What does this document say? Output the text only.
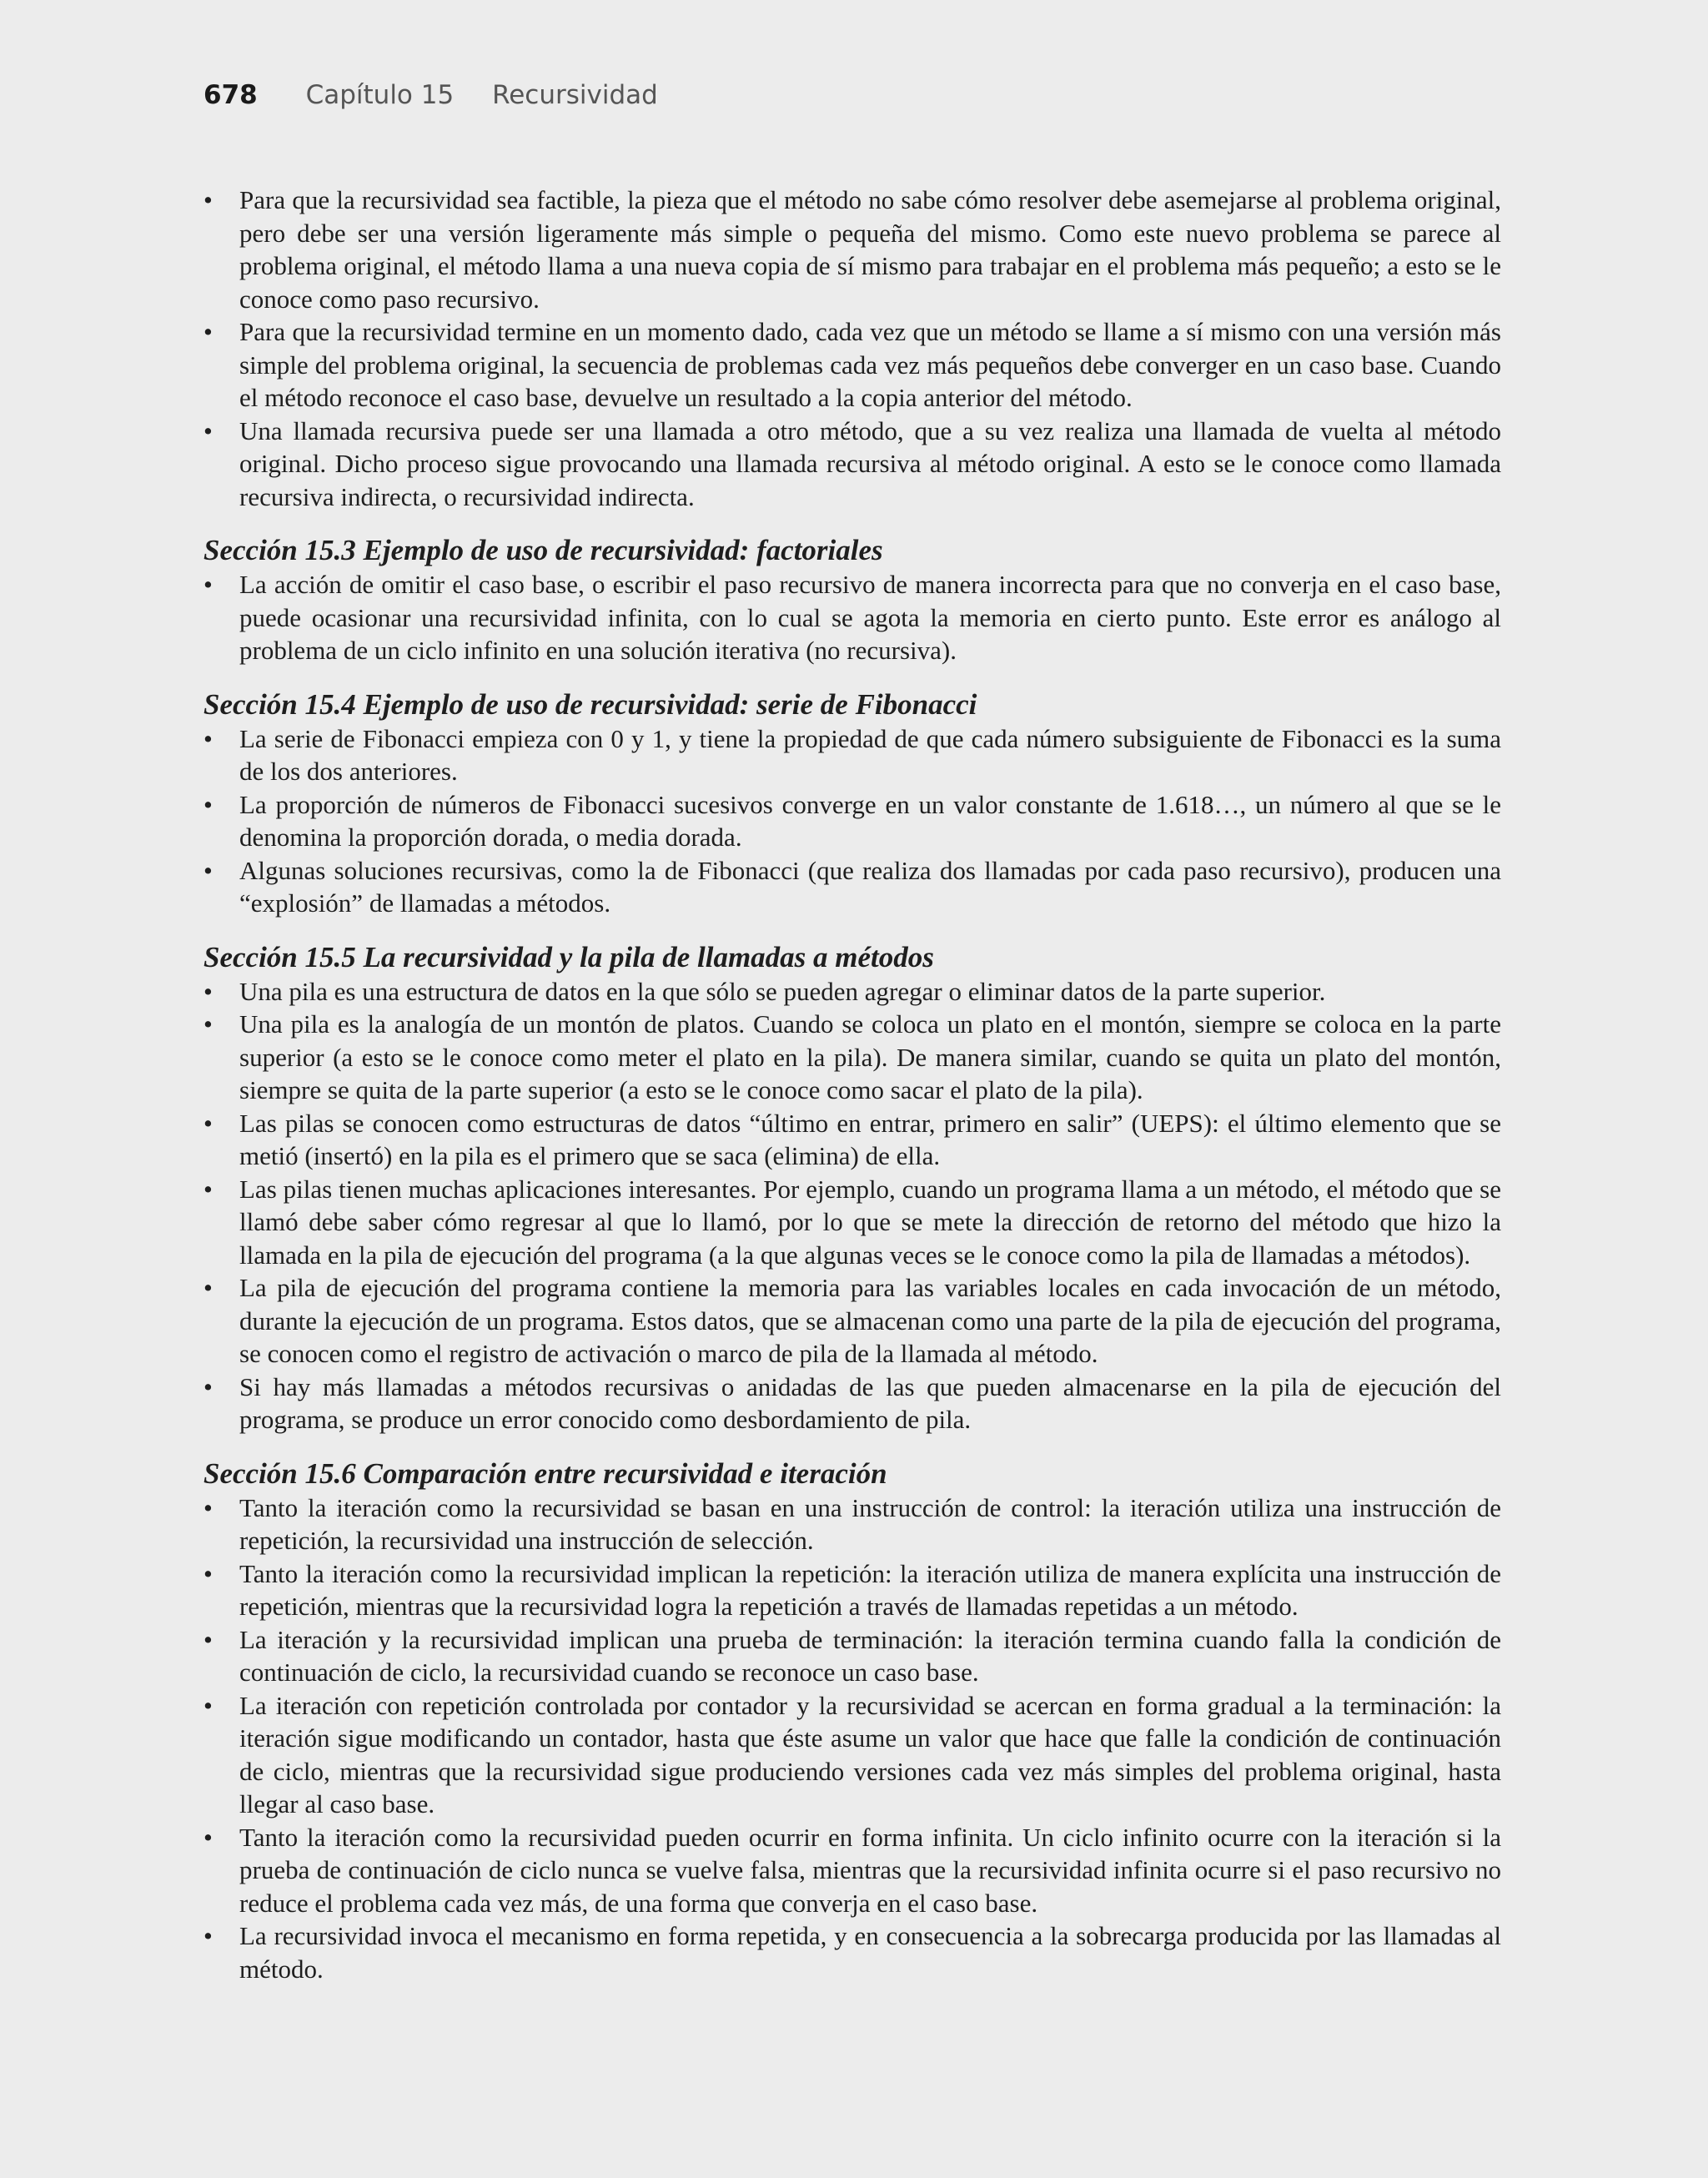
678 Capítulo 15 Recursividad
• Para que la recursividad sea factible, la pieza que el método no sabe cómo resolver debe asemejarse al problema original, pero debe ser una versión ligeramente más simple o pequeña del mismo. Como este nuevo problema se parece al problema original, el método llama a una nueva copia de sí mismo para trabajar en el problema más pequeño; a esto se le conoce como paso recursivo.
• Para que la recursividad termine en un momento dado, cada vez que un método se llame a sí mismo con una versión más simple del problema original, la secuencia de problemas cada vez más pequeños debe converger en un caso base. Cuando el método reconoce el caso base, devuelve un resultado a la copia anterior del método.
• Una llamada recursiva puede ser una llamada a otro método, que a su vez realiza una llamada de vuelta al método original. Dicho proceso sigue provocando una llamada recursiva al método original. A esto se le conoce como llamada recursiva indirecta, o recursividad indirecta.
Sección 15.3 Ejemplo de uso de recursividad: factoriales
• La acción de omitir el caso base, o escribir el paso recursivo de manera incorrecta para que no converja en el caso base, puede ocasionar una recursividad infinita, con lo cual se agota la memoria en cierto punto. Este error es análogo al problema de un ciclo infinito en una solución iterativa (no recursiva).
Sección 15.4 Ejemplo de uso de recursividad: serie de Fibonacci
• La serie de Fibonacci empieza con 0 y 1, y tiene la propiedad de que cada número subsiguiente de Fibonacci es la suma de los dos anteriores.
• La proporción de números de Fibonacci sucesivos converge en un valor constante de 1.618…, un número al que se le denomina la proporción dorada, o media dorada.
• Algunas soluciones recursivas, como la de Fibonacci (que realiza dos llamadas por cada paso recursivo), producen una “explosión” de llamadas a métodos.
Sección 15.5 La recursividad y la pila de llamadas a métodos
• Una pila es una estructura de datos en la que sólo se pueden agregar o eliminar datos de la parte superior.
• Una pila es la analogía de un montón de platos. Cuando se coloca un plato en el montón, siempre se coloca en la parte superior (a esto se le conoce como meter el plato en la pila). De manera similar, cuando se quita un plato del montón, siempre se quita de la parte superior (a esto se le conoce como sacar el plato de la pila).
• Las pilas se conocen como estructuras de datos “último en entrar, primero en salir” (UEPS): el último elemento que se metió (insertó) en la pila es el primero que se saca (elimina) de ella.
• Las pilas tienen muchas aplicaciones interesantes. Por ejemplo, cuando un programa llama a un método, el método que se llamó debe saber cómo regresar al que lo llamó, por lo que se mete la dirección de retorno del método que hizo la llamada en la pila de ejecución del programa (a la que algunas veces se le conoce como la pila de llamadas a métodos).
• La pila de ejecución del programa contiene la memoria para las variables locales en cada invocación de un método, durante la ejecución de un programa. Estos datos, que se almacenan como una parte de la pila de ejecución del programa, se conocen como el registro de activación o marco de pila de la llamada al método.
• Si hay más llamadas a métodos recursivas o anidadas de las que pueden almacenarse en la pila de ejecución del programa, se produce un error conocido como desbordamiento de pila.
Sección 15.6 Comparación entre recursividad e iteración
• Tanto la iteración como la recursividad se basan en una instrucción de control: la iteración utiliza una instrucción de repetición, la recursividad una instrucción de selección.
• Tanto la iteración como la recursividad implican la repetición: la iteración utiliza de manera explícita una instrucción de repetición, mientras que la recursividad logra la repetición a través de llamadas repetidas a un método.
• La iteración y la recursividad implican una prueba de terminación: la iteración termina cuando falla la condición de continuación de ciclo, la recursividad cuando se reconoce un caso base.
• La iteración con repetición controlada por contador y la recursividad se acercan en forma gradual a la terminación: la iteración sigue modificando un contador, hasta que éste asume un valor que hace que falle la condición de continuación de ciclo, mientras que la recursividad sigue produciendo versiones cada vez más simples del problema original, hasta llegar al caso base.
• Tanto la iteración como la recursividad pueden ocurrir en forma infinita. Un ciclo infinito ocurre con la iteración si la prueba de continuación de ciclo nunca se vuelve falsa, mientras que la recursividad infinita ocurre si el paso recursivo no reduce el problema cada vez más, de una forma que converja en el caso base.
• La recursividad invoca el mecanismo en forma repetida, y en consecuencia a la sobrecarga producida por las llamadas al método.
